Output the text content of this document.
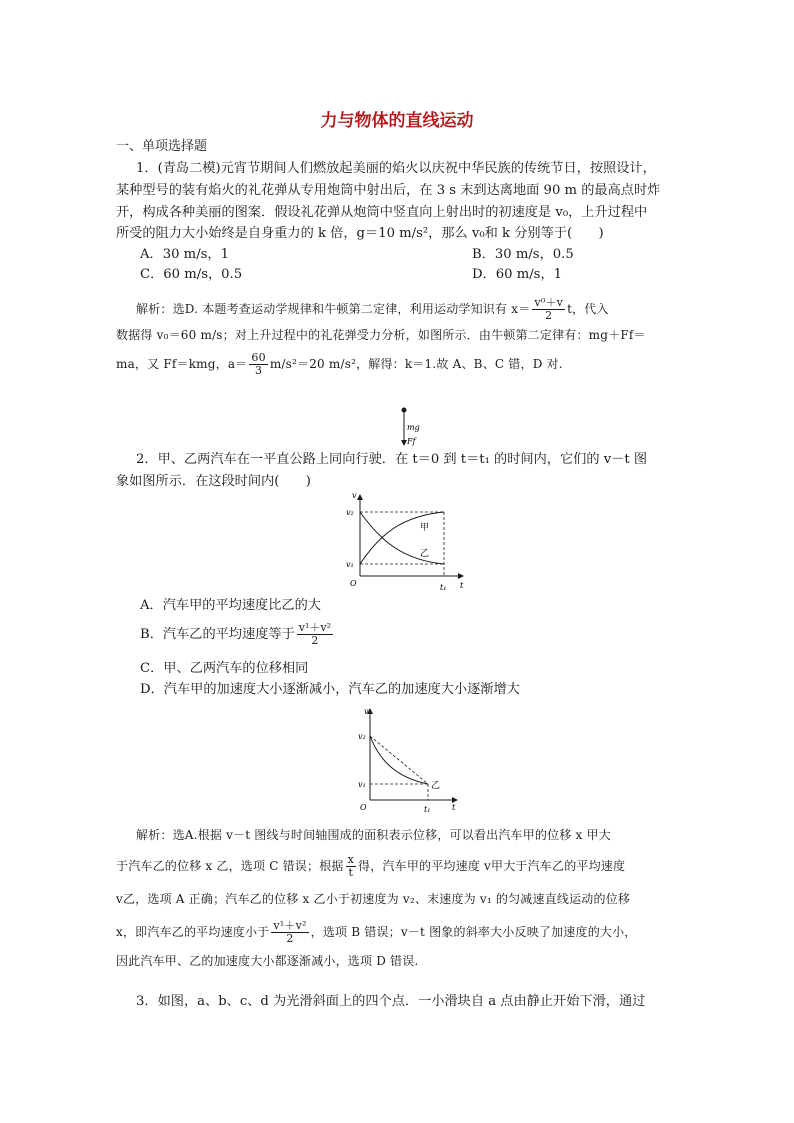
力与物体的直线运动
一、单项选择题
1．(青岛二模)元宵节期间人们燃放起美丽的焰火以庆祝中华民族的传统节日，按照设计，
某种型号的装有焰火的礼花弹从专用炮筒中射出后，在 3 s 末到达离地面 90 m 的最高点时炸
开，构成各种美丽的图案．假设礼花弹从炮筒中竖直向上射出时的初速度是 v₀，上升过程中
所受的阻力大小始终是自身重力的 k 倍，g＝10 m/s²，那么 v₀和 k 分别等于(　　)
A．30 m/s，1	B．30 m/s，0.5
C．60 m/s，0.5	D．60 m/s，1
解析：选D. 本题考查运动学规律和牛顿第二定律，利用运动学知识有 $x= \frac{\text{v⁰＋v}}{2}$ t，代入
数据得 v₀＝60 m/s；对上升过程中的礼花弹受力分析，如图所示．由牛顿第二定律有：mg＋Ff＝
ma，又 Ff＝kmg，$a= \frac{60}{3} m/s^2=20$ m/s²，解得：k＝1.故 A、B、C 错，D 对.
mg
Ff
2．甲、乙两汽车在一平直公路上同向行驶．在 t＝0 到 t＝t₁ 的时间内，它们的 v－t 图
象如图所示．在这段时间内(　　)
v
v₂
v₁
O	t
t₁
甲
乙
A．汽车甲的平均速度比乙的大
B．汽车乙的平均速度等于 $\frac{\text{v¹＋v²}}{2}$
C．甲、乙两汽车的位移相同
D．汽车甲的加速度大小逐渐减小，汽车乙的加速度大小逐渐增大
v
v₂
v₁
O	t
t₁
乙
解析：选A.根据 v－t 图线与时间轴围成的面积表示位移，可以看出汽车甲的位移 x 甲大
于汽车乙的位移 x 乙，选项 C 错误；根据 $\frac{x}{t}$ 得，汽车甲的平均速度 v甲大于汽车乙的平均速度
v乙，选项 A 正确；汽车乙的位移 x 乙小于初速度为 v₂、末速度为 v₁ 的匀减速直线运动的位移
x，即汽车乙的平均速度小于 $\frac{\text{v¹＋v²}}{2}$ ，选项 B 错误；v－t 图象的斜率大小反映了加速度的大小，
因此汽车甲、乙的加速度大小都逐渐减小，选项 D 错误.
3．如图，a、b、c、d 为光滑斜面上的四个点．一小滑块自 a 点由静止开始下滑，通过
